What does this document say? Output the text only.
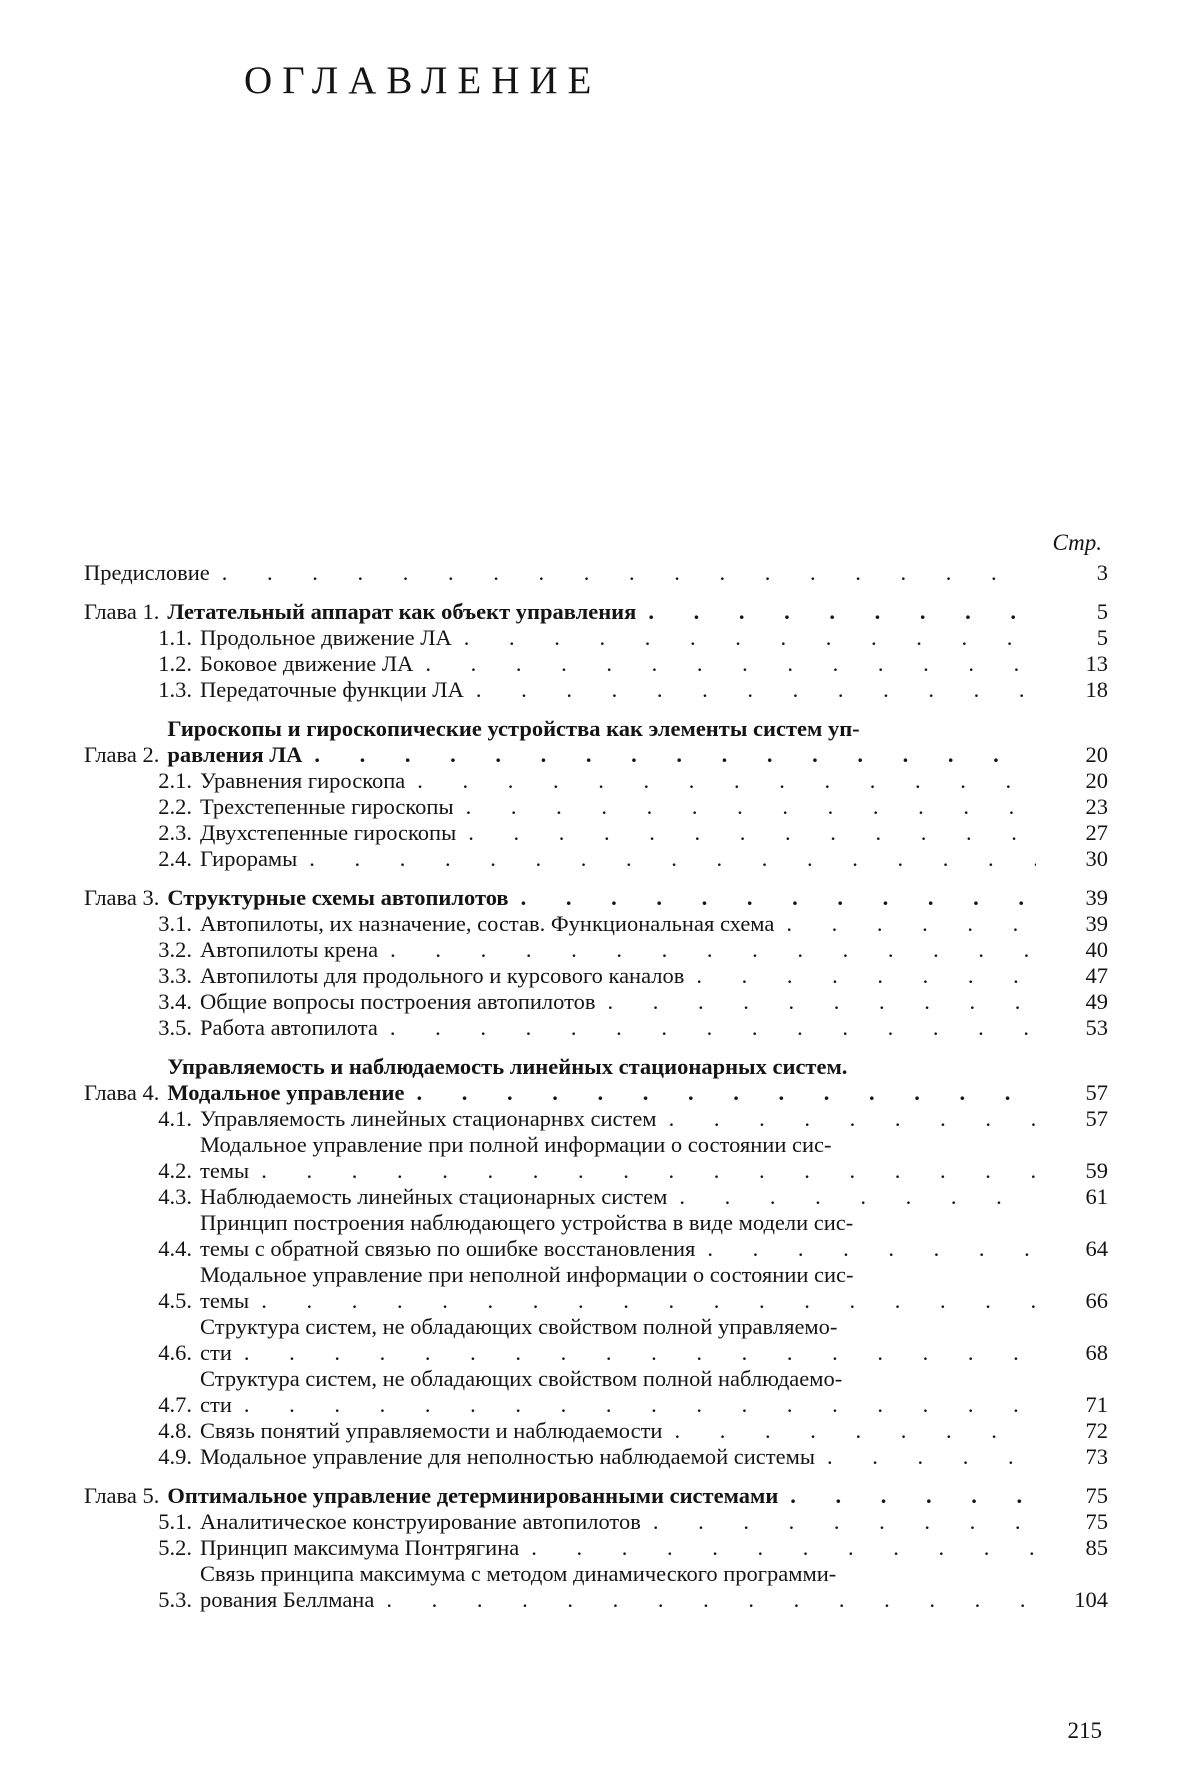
ОГЛАВЛЕНИЕ
Стр.
Предисловие . . .	3
Глава 1. Летательный аппарат как объект управления . . .	5
1.1. Продольное движение ЛА . . .	5
1.2. Боковое движение ЛА . . .	13
1.3. Передаточные функции ЛА . . .	18
Глава 2.
Гироскопы и гироскопические устройства как элементы систем уп-
равления ЛА . . .	20
2.1. Уравнения гироскопа . . .	20
2.2. Трехстепенные гироскопы . . .	23
2.3. Двухстепенные гироскопы . . .	27
2.4. Гирорамы . . .	30
Глава 3. Структурные схемы автопилотов . . .	39
3.1. Автопилоты, их назначение, состав. Функциональная схема . . .	39
3.2. Автопилоты крена . . .	40
3.3. Автопилоты для продольного и курсового каналов . . .	47
3.4. Общие вопросы построения автопилотов . . .	49
3.5. Работа автопилота . . .	53
Глава 4.
Управляемость и наблюдаемость линейных стационарных систем.
Модальное управление . . .	57
4.1. Управляемость линейных стационарнвх систем . . .	57
4.2.
Модальное управление при полной информации о состоянии сис-
темы . . .	59
4.3. Наблюдаемость линейных стационарных систем . . .	61
4.4.
Принцип построения наблюдающего устройства в виде модели сис-
темы с обратной связью по ошибке восстановления . . .	64
4.5.
Модальное управление при неполной информации о состоянии сис-
темы . . .	66
4.6.
Структура систем, не обладающих свойством полной управляемо-
сти . . .	68
4.7.
Структура систем, не обладающих свойством полной наблюдаемо-
сти . . .	71
4.8. Связь понятий управляемости и наблюдаемости . . .	72
4.9. Модальное управление для неполностью наблюдаемой системы . . .	73
Глава 5. Оптимальное управление детерминированными системами . . .	75
5.1. Аналитическое конструирование автопилотов . . .	75
5.2. Принцип максимума Понтрягина . . .	85
5.3.
Связь принципа максимума с методом динамического программи-
рования Беллмана . . .	104
215
